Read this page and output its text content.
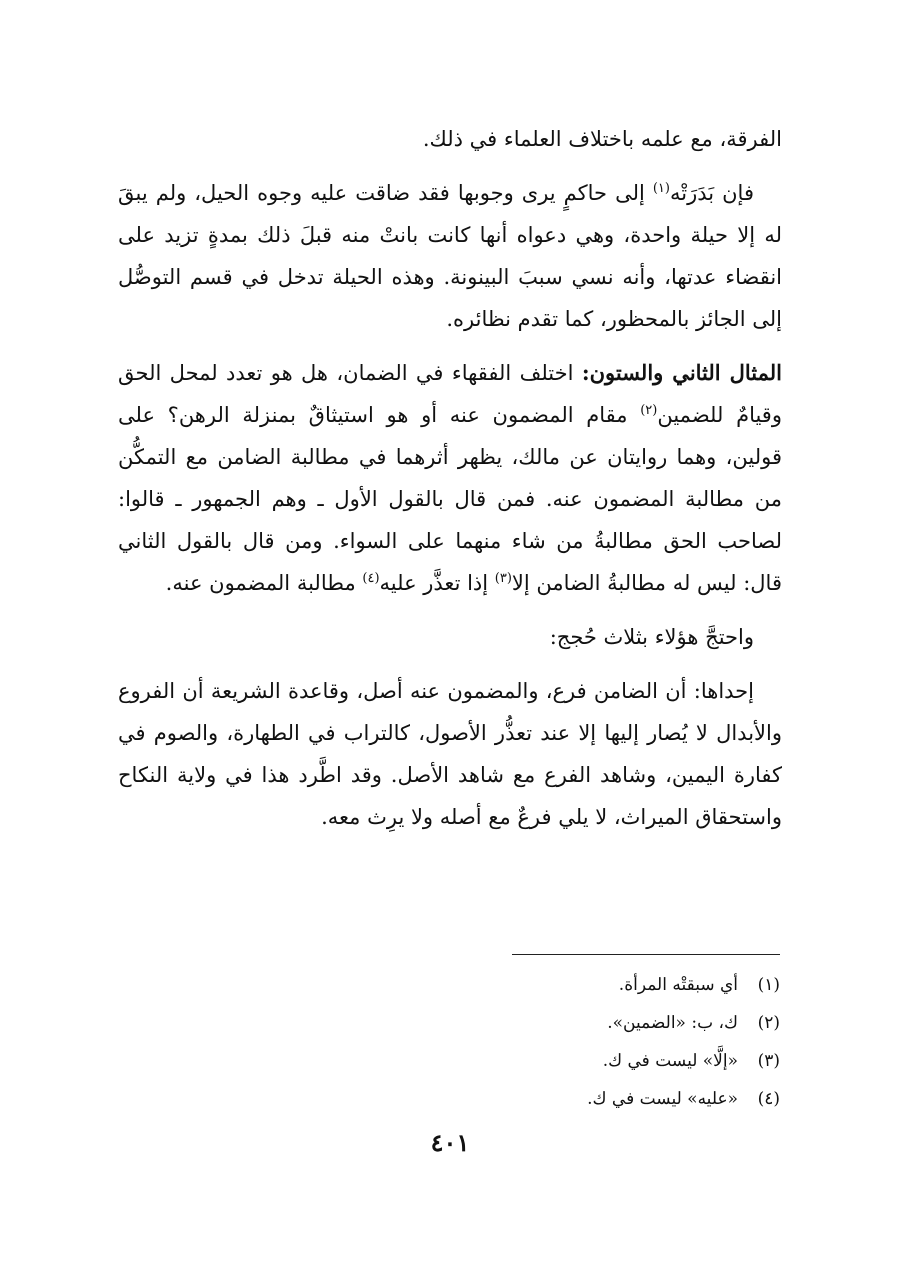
الفرقة، مع علمه باختلاف العلماء في ذلك.

فإن بَدَرَتْه$^{(١)}$ إلى حاكمٍ يرى وجوبها فقد ضاقت عليه وجوه الحيل، ولم يبقَ له إلا حيلة واحدة، وهي دعواه أنها كانت بانتْ منه قبلَ ذلك بمدةٍ تزيد على انقضاء عدتها، وأنه نسي سببَ البينونة. وهذه الحيلة تدخل في قسم التوصُّل إلى الجائز بالمحظور، كما تقدم نظائره.

المثال الثاني والستون: اختلف الفقهاء في الضمان، هل هو تعدد لمحل الحق وقيامٌ للضمين$^{(٢)}$ مقام المضمون عنه أو هو استيثاقٌ بمنزلة الرهن؟ على قولين، وهما روايتان عن مالك، يظهر أثرهما في مطالبة الضامن مع التمكُّن من مطالبة المضمون عنه. فمن قال بالقول الأول ـ وهم الجمهور ـ قالوا: لصاحب الحق مطالبةُ من شاء منهما على السواء. ومن قال بالقول الثاني قال: ليس له مطالبةُ الضامن إلا$^{(٣)}$ إذا تعذَّر عليه$^{(٤)}$ مطالبة المضمون عنه.

واحتجَّ هؤلاء بثلاث حُجج:

إحداها: أن الضامن فرع، والمضمون عنه أصل، وقاعدة الشريعة أن الفروع والأبدال لا يُصار إليها إلا عند تعذُّر الأصول، كالتراب في الطهارة، والصوم في كفارة اليمين، وشاهد الفرع مع شاهد الأصل. وقد اطَّرد هذا في ولاية النكاح واستحقاق الميراث، لا يلي فرعٌ مع أصله ولا يرِث معه.

(١)أي سبقتْه المرأة.

(٢)ك، ب: «الضمين».

(٣)«إلَّا» ليست في ك.

(٤)«عليه» ليست في ك.

٤٠١
